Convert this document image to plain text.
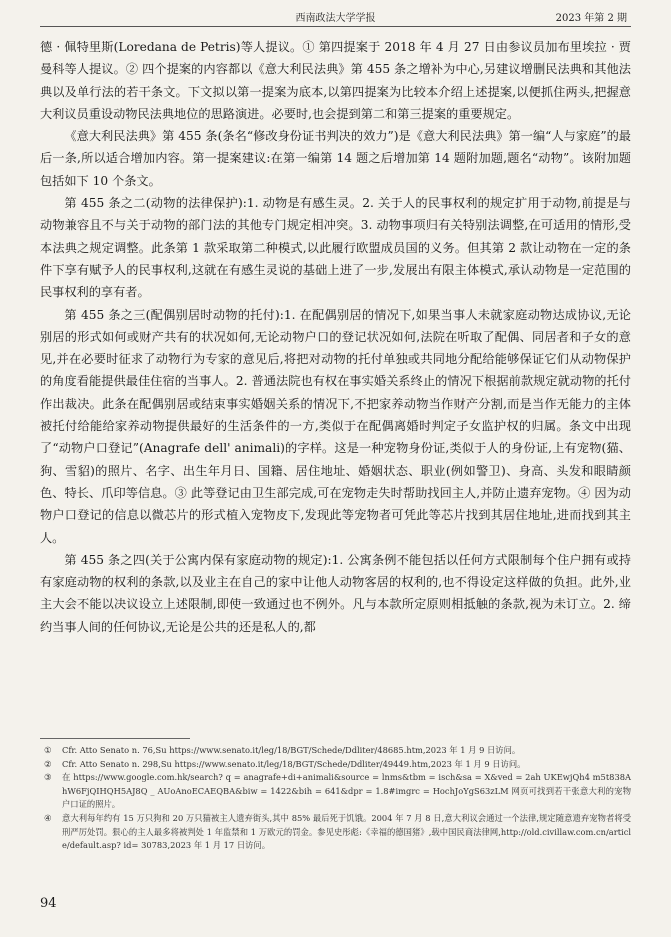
西南政法大学学报	2023 年第 2 期

德 · 佩特里斯(Loredana de Petris)等人提议。① 第四提案于 2018 年 4 月 27 日由参议员加布里埃拉 · 贾曼科等人提议。② 四个提案的内容都以《意大利民法典》第 455 条之增补为中心,另建议增删民法典和其他法典以及单行法的若干条文。下文拟以第一提案为底本,以第四提案为比较本介绍上述提案,以便抓住两头,把握意大利议员重设动物民法典地位的思路演进。必要时,也会提到第二和第三提案的重要规定。

《意大利民法典》第 455 条(条名“修改身份证书判决的效力”)是《意大利民法典》第一编“人与家庭”的最后一条,所以适合增加内容。第一提案建议:在第一编第 14 题之后增加第 14 题附加题,题名“动物”。该附加题包括如下 10 个条文。

第 455 条之二(动物的法律保护):1. 动物是有感生灵。2. 关于人的民事权利的规定扩用于动物,前提是与动物兼容且不与关于动物的部门法的其他专门规定相冲突。3. 动物事项归有关特别法调整,在可适用的情形,受本法典之规定调整。此条第 1 款采取第二种模式,以此履行欧盟成员国的义务。但其第 2 款让动物在一定的条件下享有赋予人的民事权利,这就在有感生灵说的基础上进了一步,发展出有限主体模式,承认动物是一定范围的民事权利的享有者。

第 455 条之三(配偶别居时动物的托付):1. 在配偶别居的情况下,如果当事人未就家庭动物达成协议,无论别居的形式如何或财产共有的状况如何,无论动物户口的登记状况如何,法院在听取了配偶、同居者和子女的意见,并在必要时征求了动物行为专家的意见后,将把对动物的托付单独或共同地分配给能够保证它们从动物保护的角度看能提供最佳住宿的当事人。2. 普通法院也有权在事实婚关系终止的情况下根据前款规定就动物的托付作出裁决。此条在配偶别居或结束事实婚姻关系的情况下,不把家养动物当作财产分割,而是当作无能力的主体被托付给能给家养动物提供最好的生活条件的一方,类似于在配偶离婚时判定子女监护权的归属。条文中出现了“动物户口登记”(Anagrafe dell' animali)的字样。这是一种宠物身份证,类似于人的身份证,上有宠物(猫、狗、雪貂)的照片、名字、出生年月日、国籍、居住地址、婚姻状态、职业(例如警卫)、身高、头发和眼睛颜色、特长、爪印等信息。③ 此等登记由卫生部完成,可在宠物走失时帮助找回主人,并防止遗弃宠物。④ 因为动物户口登记的信息以微芯片的形式植入宠物皮下,发现此等宠物者可凭此等芯片找到其居住地址,进而找到其主人。

第 455 条之四(关于公寓内保有家庭动物的规定):1. 公寓条例不能包括以任何方式限制每个住户拥有或持有家庭动物的权利的条款,以及业主在自己的家中让他人动物客居的权利的,也不得设定这样做的负担。此外,业主大会不能以决议设立上述限制,即使一致通过也不例外。凡与本款所定原则相抵触的条款,视为未订立。2. 缔约当事人间的任何协议,无论是公共的还是私人的,都

① Cfr. Atto Senato n. 76,Su https://www.senato.it/leg/18/BGT/Schede/Ddliter/48685.htm,2023 年 1 月 9 日访问。
② Cfr. Atto Senato n. 298,Su https://www.senato.it/leg/18/BGT/Schede/Ddliter/49449.htm,2023 年 1 月 9 日访问。
③ 在 https://www.google.com.hk/search? q = anagrafe+di+animali&source = lnms&tbm = isch&sa = X&ved = 2ah UKEwjQh4 m5t838AhW6FjQIHQH5AJ8Q _ AUoAnoECAEQBA&biw = 1422&bih = 641&dpr = 1.8#imgrc = HochJoYgS63zLM 网页可找到若干张意大利的宠物户口证的照片。
④ 意大利每年约有 15 万只狗和 20 万只猫被主人遗弃街头,其中 85% 最后死于饥饿。2004 年 7 月 8 日,意大利议会通过一个法律,规定随意遗弃宠物者将受刑严厉处罚。狠心的主人最多将被判处 1 年监禁和 1 万欧元的罚金。参见史彤彪:《幸福的德国猪》,载中国民商法律网,http://old.civillaw.com.cn/article/default.asp? id= 30783,2023 年 1 月 17 日访问。
94
